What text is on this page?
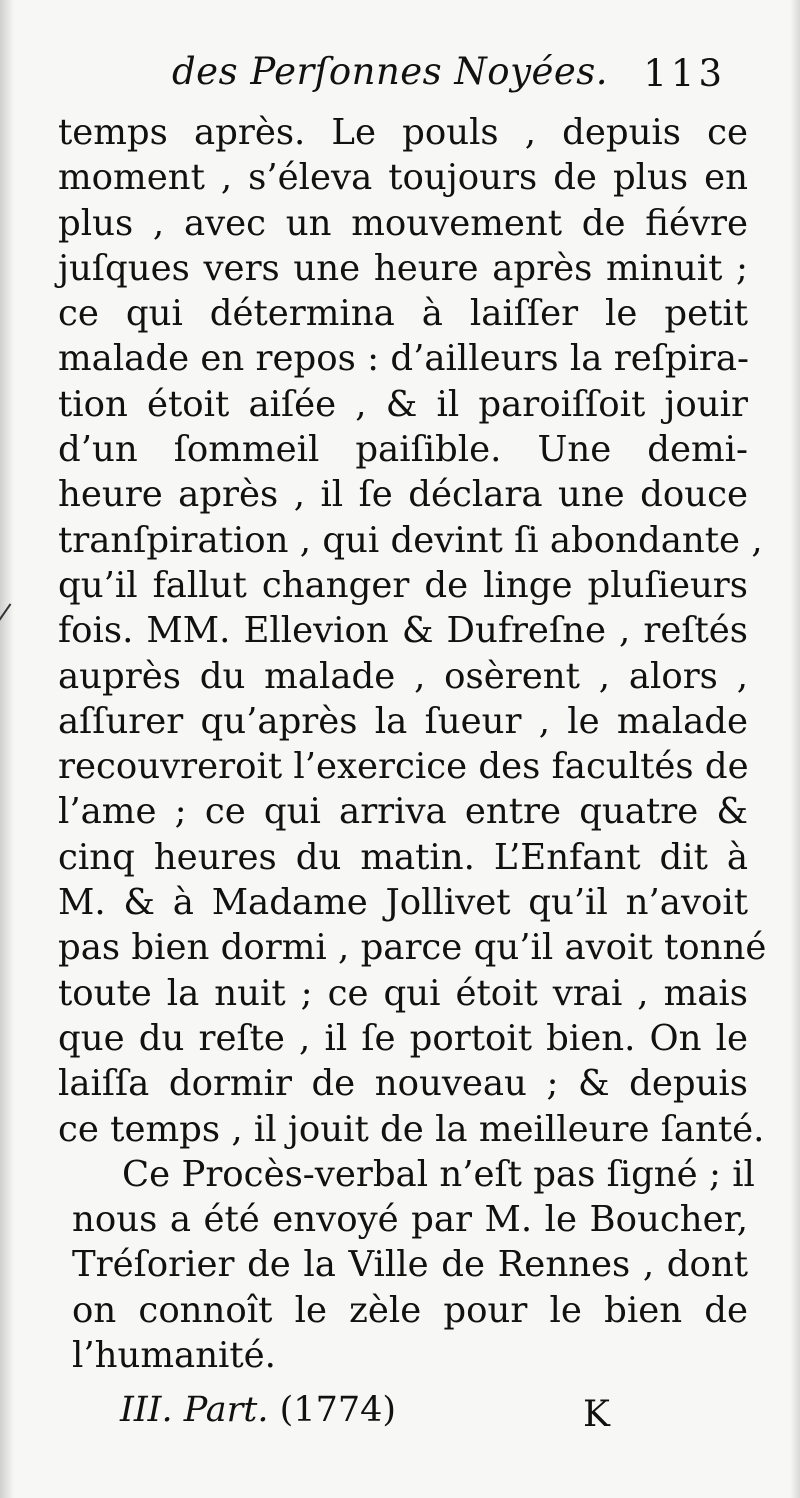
des Perſonnes Noyées. 113
temps après. Le pouls , depuis ce
moment , s’éleva toujours de plus en
plus , avec un mouvement de fiévre
juſques vers une heure après minuit ;
ce qui détermina à laiſſer le petit
malade en repos : d’ailleurs la reſpira-
tion étoit aiſée , & il paroiſſoit jouir
d’un ſommeil paiſible. Une demi-
heure après , il ſe déclara une douce
tranſpiration , qui devint ſi abondante ,
qu’il fallut changer de linge pluſieurs
fois. MM. Ellevion & Dufreſne , reſtés
auprès du malade , osèrent , alors ,
aſſurer qu’après la ſueur , le malade
recouvreroit l’exercice des facultés de
l’ame ; ce qui arriva entre quatre &
cinq heures du matin. L’Enfant dit à
M. & à Madame Jollivet qu’il n’avoit
pas bien dormi , parce qu’il avoit tonné
toute la nuit ; ce qui étoit vrai , mais
que du reſte , il ſe portoit bien. On le
laiſſa dormir de nouveau ; & depuis
ce temps , il jouit de la meilleure ſanté.
Ce Procès-verbal n’eſt pas ſigné ; il
nous a été envoyé par M. le Boucher,
Tréſorier de la Ville de Rennes , dont
on connoît le zèle pour le bien de
l’humanité.
III. Part. (1774)	K
